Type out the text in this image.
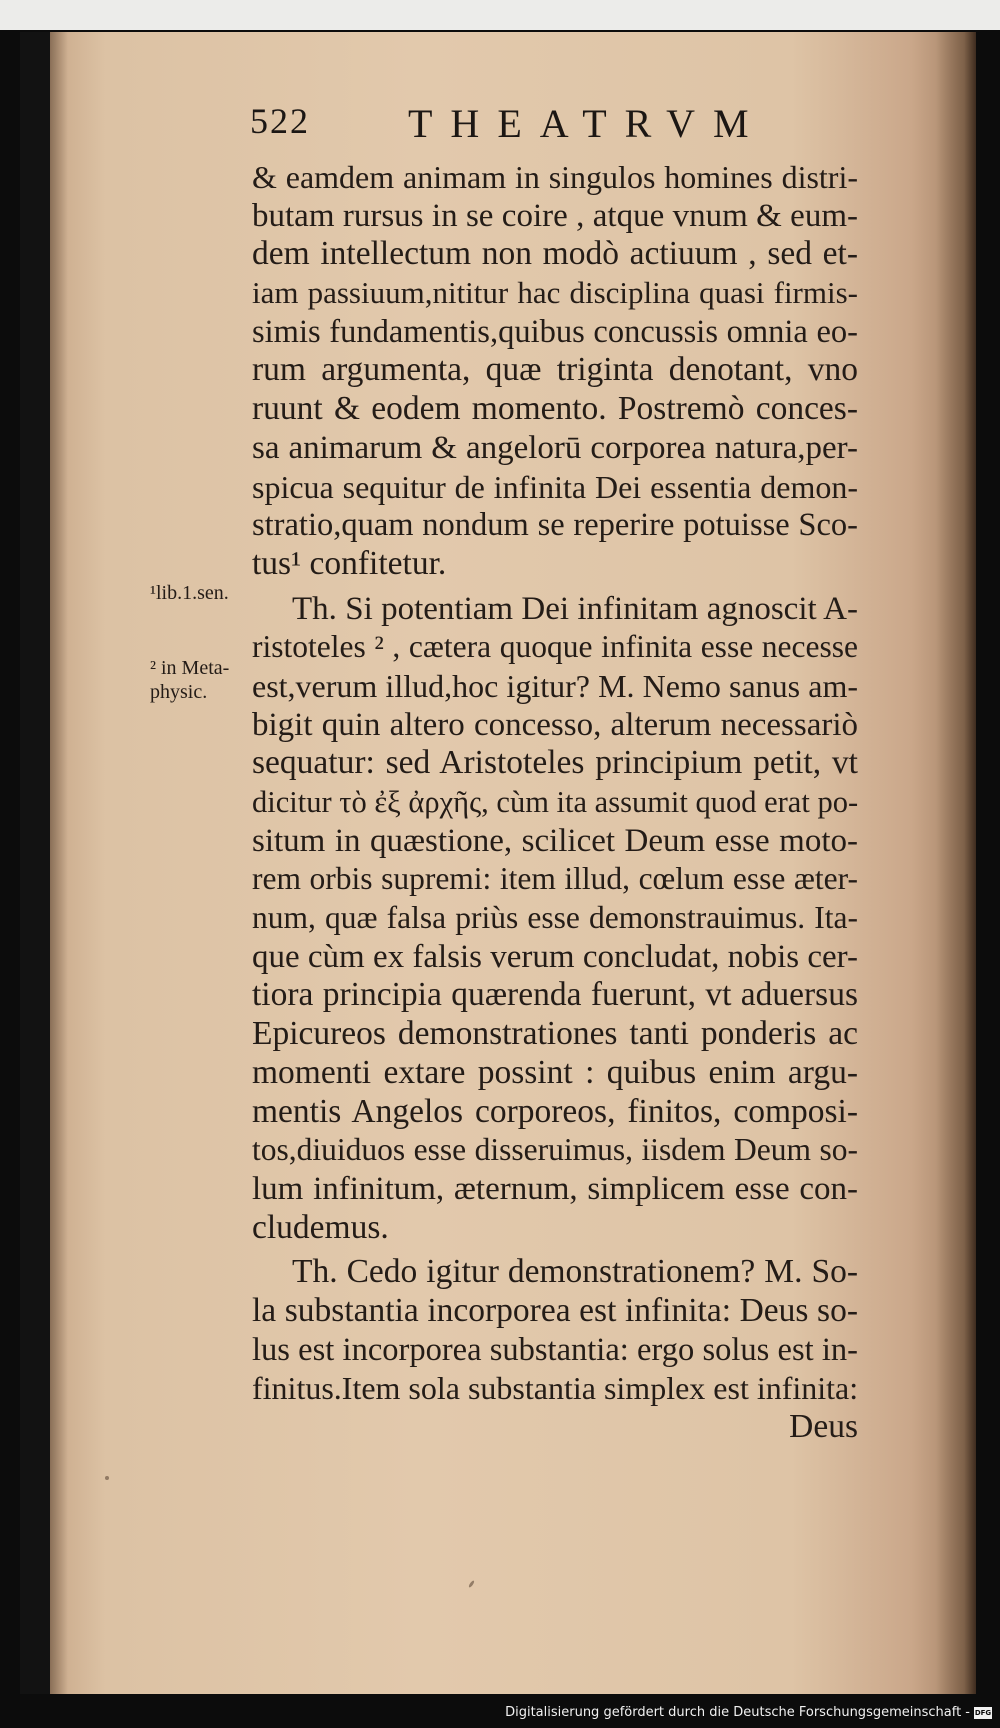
522 THEATRVM
¹lib.1.sen.
² in Meta-
physic.
& eamdem animam in singulos homines distri-
butam rursus in se coire , atque vnum & eum-
dem intellectum non modò actiuum , sed et-
iam passiuum,nititur hac disciplina quasi firmis-
simis fundamentis,quibus concussis omnia eo-
rum argumenta, quæ triginta denotant, vno
ruunt & eodem momento. Postremò conces-
sa animarum & angelorū corporea natura,per-
spicua sequitur de infinita Dei essentia demon-
stratio,quam nondum se reperire potuisse Sco-
tus¹ confitetur.
Th. Si potentiam Dei infinitam agnoscit A-
ristoteles ² , cætera quoque infinita esse necesse
est,verum illud,hoc igitur? M. Nemo sanus am-
bigit quin altero concesso, alterum necessariò
sequatur: sed Aristoteles principium petit, vt
dicitur τὸ ἐξ ἀρχῆς, cùm ita assumit quod erat po-
situm in quæstione, scilicet Deum esse moto-
rem orbis supremi: item illud, cœlum esse æter-
num, quæ falsa priùs esse demonstrauimus. Ita-
que cùm ex falsis verum concludat, nobis cer-
tiora principia quærenda fuerunt, vt aduersus
Epicureos demonstrationes tanti ponderis ac
momenti extare possint : quibus enim argu-
mentis Angelos corporeos, finitos, composi-
tos,diuiduos esse disseruimus, iisdem Deum so-
lum infinitum, æternum, simplicem esse con-
cludemus.
Th. Cedo igitur demonstrationem? M. So-
la substantia incorporea est infinita: Deus so-
lus est incorporea substantia: ergo solus est in-
finitus.Item sola substantia simplex est infinita:
Deus
Digitalisierung gefördert durch die Deutsche Forschungsgemeinschaft - DFG
